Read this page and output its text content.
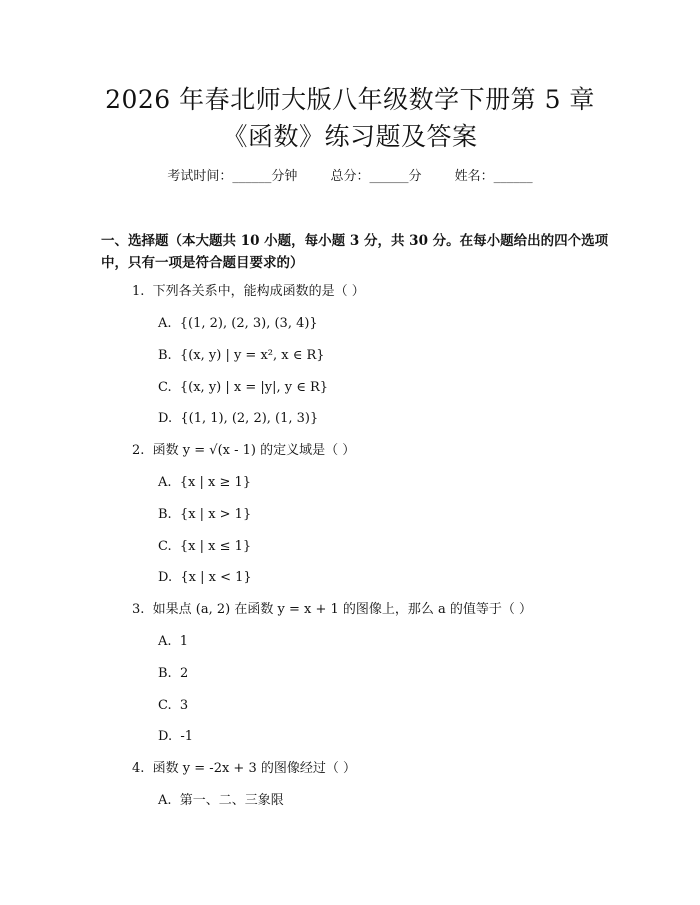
2026 年春北师大版八年级数学下册第 5 章
《函数》练习题及答案
考试时间：______分钟	总分：______分	姓名：______
一、选择题（本大题共 10 小题，每小题 3 分，共 30 分。在每小题给出的四个选项中，只有一项是符合题目要求的）
1.  下列各关系中，能构成函数的是（ ）
A.  {(1, 2), (2, 3), (3, 4)}
B.  {(x, y) | y = x², x ∈ R}
C.  {(x, y) | x = |y|, y ∈ R}
D.  {(1, 1), (2, 2), (1, 3)}
2.  函数 y = √(x - 1) 的定义域是（ ）
A.  {x | x ≥ 1}
B.  {x | x > 1}
C.  {x | x ≤ 1}
D.  {x | x < 1}
3.  如果点 (a, 2) 在函数 y = x + 1 的图像上，那么 a 的值等于（ ）
A.  1
B.  2
C.  3
D.  -1
4.  函数 y = -2x + 3 的图像经过（ ）
A.  第一、二、三象限
